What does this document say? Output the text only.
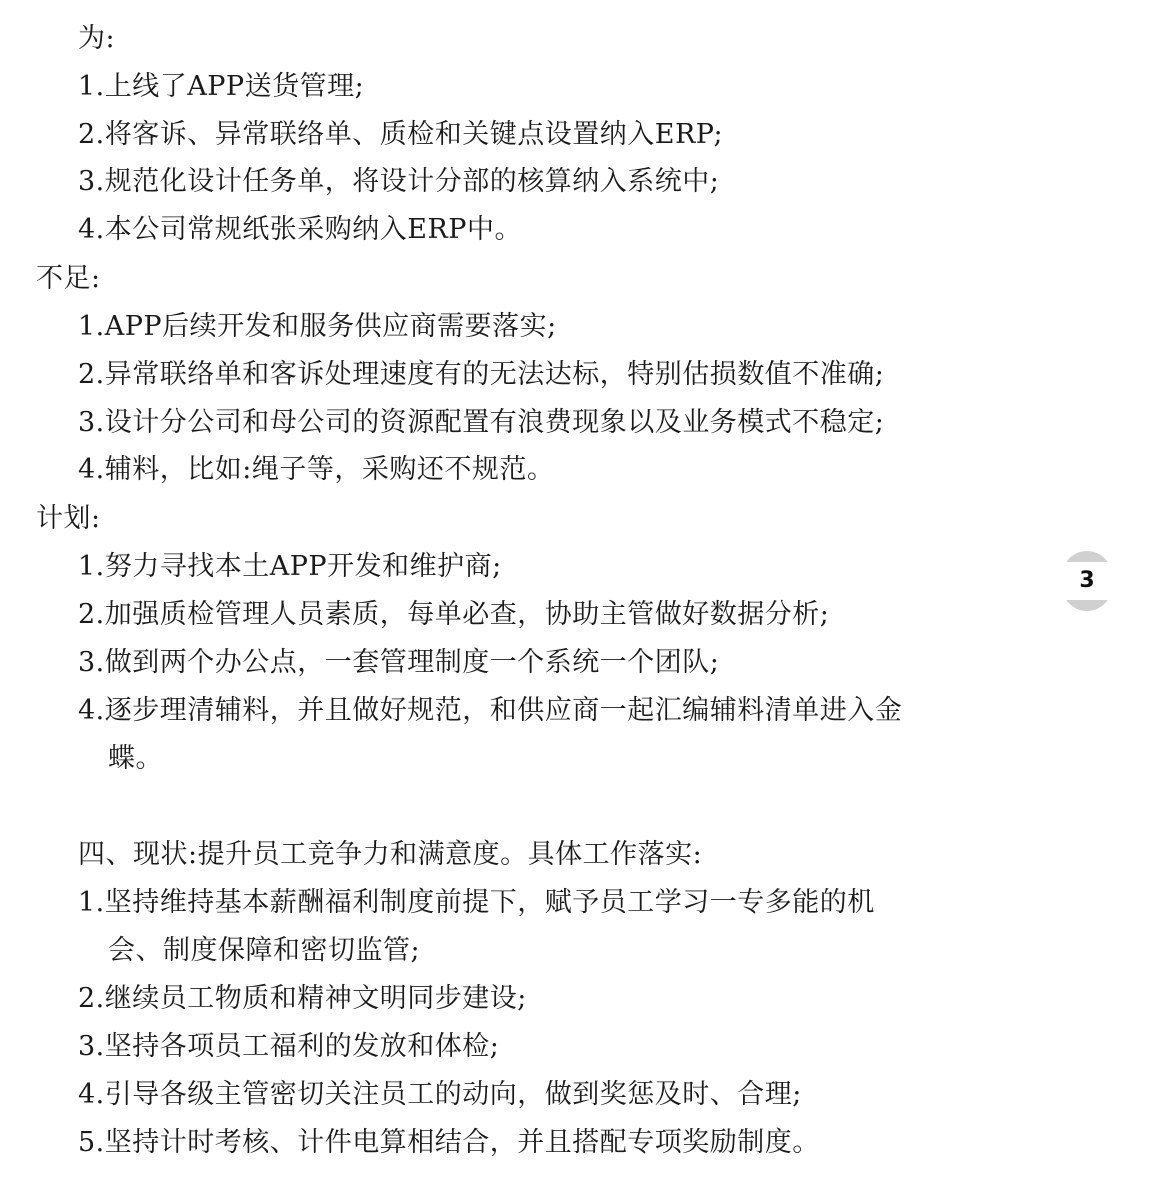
为:
1.上线了APP送货管理;
2.将客诉、异常联络单、质检和关键点设置纳入ERP;
3.规范化设计任务单，将设计分部的核算纳入系统中;
4.本公司常规纸张采购纳入ERP中。
不足:
1.APP后续开发和服务供应商需要落实;
2.异常联络单和客诉处理速度有的无法达标，特别估损数值不准确;
3.设计分公司和母公司的资源配置有浪费现象以及业务模式不稳定;
4.辅料，比如:绳子等，采购还不规范。
计划:
1.努力寻找本土APP开发和维护商;
2.加强质检管理人员素质，每单必查，协助主管做好数据分析;
3.做到两个办公点，一套管理制度一个系统一个团队;
4.逐步理清辅料，并且做好规范，和供应商一起汇编辅料清单进入金
蝶。
四、现状:提升员工竞争力和满意度。具体工作落实:
1.坚持维持基本薪酬福利制度前提下，赋予员工学习一专多能的机
会、制度保障和密切监管;
2.继续员工物质和精神文明同步建设;
3.坚持各项员工福利的发放和体检;
4.引导各级主管密切关注员工的动向，做到奖惩及时、合理;
5.坚持计时考核、计件电算相结合，并且搭配专项奖励制度。
3
